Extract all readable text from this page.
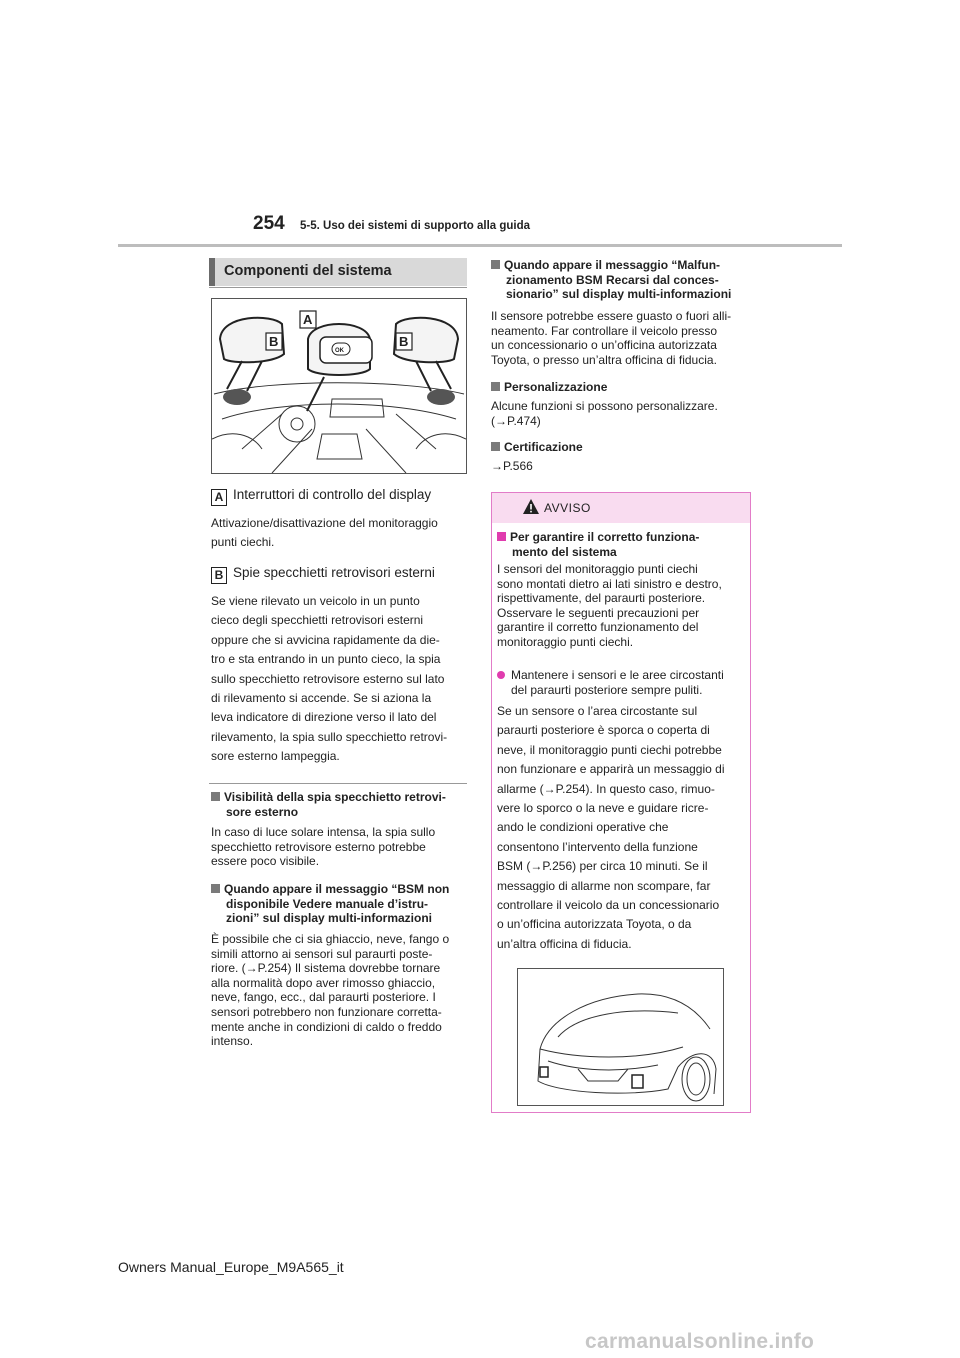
254 5-5. Uso dei sistemi di supporto alla guida
Componenti del sistema
OK
A
B	B
A Interruttori di controllo del display
Attivazione/disattivazione del monitoraggio
punti ciechi.
B Spie specchietti retrovisori esterni
Se viene rilevato un veicolo in un punto
cieco degli specchietti retrovisori esterni
oppure che si avvicina rapidamente da die-
tro e sta entrando in un punto cieco, la spia
sullo specchietto retrovisore esterno sul lato
di rilevamento si accende. Se si aziona la
leva indicatore di direzione verso il lato del
rilevamento, la spia sullo specchietto retrovi-
sore esterno lampeggia.
Visibilità della spia specchietto retrovi-
sore esterno
In caso di luce solare intensa, la spia sullo
specchietto retrovisore esterno potrebbe
essere poco visibile.
Quando appare il messaggio “BSM non
disponibile Vedere manuale d’istru-
zioni” sul display multi-informazioni
È possibile che ci sia ghiaccio, neve, fango o
simili attorno ai sensori sul paraurti poste-
riore. (→P.254) Il sistema dovrebbe tornare
alla normalità dopo aver rimosso ghiaccio,
neve, fango, ecc., dal paraurti posteriore. I
sensori potrebbero non funzionare corretta-
mente anche in condizioni di caldo o freddo
intenso.
Quando appare il messaggio “Malfun-
zionamento BSM Recarsi dal conces-
sionario” sul display multi-informazioni
Il sensore potrebbe essere guasto o fuori alli-
neamento. Far controllare il veicolo presso
un concessionario o un’officina autorizzata
Toyota, o presso un’altra officina di fiducia.
Personalizzazione
Alcune funzioni si possono personalizzare.
(→P.474)
Certificazione
→P.566
AVVISO
Per garantire il corretto funziona-
mento del sistema
I sensori del monitoraggio punti ciechi
sono montati dietro ai lati sinistro e destro,
rispettivamente, del paraurti posteriore.
Osservare le seguenti precauzioni per
garantire il corretto funzionamento del
monitoraggio punti ciechi.
Mantenere i sensori e le aree circostanti
del paraurti posteriore sempre puliti.
Se un sensore o l’area circostante sul
paraurti posteriore è sporca o coperta di
neve, il monitoraggio punti ciechi potrebbe
non funzionare e apparirà un messaggio di
allarme (→P.254). In questo caso, rimuo-
vere lo sporco o la neve e guidare ricre-
ando le condizioni operative che
consentono l’intervento della funzione
BSM (→P.256) per circa 10 minuti. Se il
messaggio di allarme non scompare, far
controllare il veicolo da un concessionario
o un’officina autorizzata Toyota, o da
un’altra officina di fiducia.
Owners Manual_Europe_M9A565_it
carmanualsonline.info
